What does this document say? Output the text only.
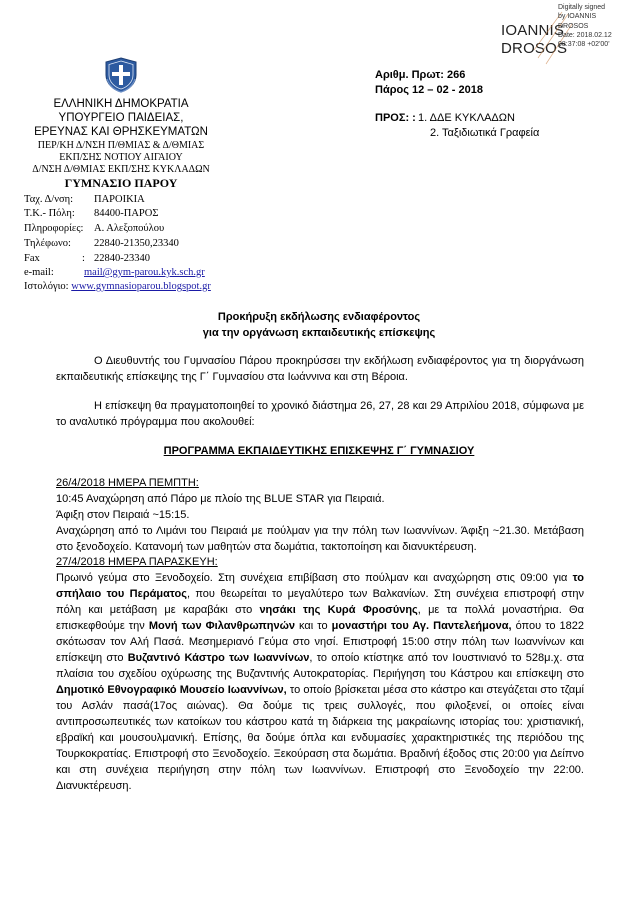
IOANNIS
DROSOS
Digitally signed
by IOANNIS
DROSOS
Date: 2018.02.12
08:37:08 +02'00'
ΕΛΛΗΝΙΚΗ ΔΗΜΟΚΡΑΤΙΑ
ΥΠΟΥΡΓΕΙΟ ΠΑΙΔΕΙΑΣ,
ΕΡΕΥΝΑΣ ΚΑΙ ΘΡΗΣΚΕΥΜΑΤΩΝ
ΠΕΡ/ΚΗ Δ/ΝΣΗ Π/ΘΜΙΑΣ & Δ/ΘΜΙΑΣ
ΕΚΠ/ΣΗΣ ΝΟΤΙΟΥ ΑΙΓΑΙΟΥ
Δ/ΝΣΗ Δ/ΘΜΙΑΣ ΕΚΠ/ΣΗΣ ΚΥΚΛΑΔΩΝ
ΓΥΜΝΑΣΙΟ ΠΑΡΟΥ
Ταχ. Δ/νση: ΠΑΡΟΙΚΙΑ
Τ.Κ.- Πόλη: 84400-ΠΑΡΟΣ
Πληροφορίες: Α. Αλεξοπούλου
Τηλέφωνο: 22840-21350,23340
Fax	: 22840-23340
e-mail:	mail@gym-parou.kyk.sch.gr
Ιστολόγιο: www.gymnasioparou.blogspot.gr
Αριθμ. Πρωτ: 266
Πάρος 12 – 02 - 2018
ΠΡΟΣ: : 1. ΔΔΕ ΚΥΚΛΑΔΩΝ
2. Ταξιδιωτικά Γραφεία
Προκήρυξη εκδήλωσης ενδιαφέροντος
για την οργάνωση εκπαιδευτικής επίσκεψης
Ο Διευθυντής του Γυμνασίου Πάρου προκηρύσσει την εκδήλωση ενδιαφέροντος για τη διοργάνωση εκπαιδευτικής επίσκεψης της Γ΄ Γυμνασίου στα Ιωάννινα και στη Βέροια.
Η επίσκεψη θα πραγματοποιηθεί το χρονικό διάστημα 26, 27, 28 και 29 Απριλίου 2018, σύμφωνα με το αναλυτικό πρόγραμμα που ακολουθεί:
ΠΡΟΓΡΑΜΜΑ ΕΚΠΑΙΔΕΥΤΙΚΗΣ ΕΠΙΣΚΕΨΗΣ Γ΄ ΓΥΜΝΑΣΙΟΥ
26/4/2018 ΗΜΕΡΑ ΠΕΜΠΤΗ:
10:45 Αναχώρηση από Πάρο με πλοίο της BLUE STAR για Πειραιά.
Άφιξη στον Πειραιά ~15:15.
Αναχώρηση από το Λιμάνι του Πειραιά με πούλμαν για την πόλη των Ιωαννίνων. Άφιξη ~21.30. Μετάβαση στο ξενοδοχείο. Κατανομή των μαθητών στα δωμάτια, τακτοποίηση και διανυκτέρευση.
27/4/2018 ΗΜΕΡΑ ΠΑΡΑΣΚΕΥΗ:
Πρωινό γεύμα στο Ξενοδοχείο. Στη συνέχεια επιβίβαση στο πούλμαν και αναχώρηση στις 09:00 για το σπήλαιο του Περάματος, που θεωρείται το μεγαλύτερο των Βαλκανίων. Στη συνέχεια επιστροφή στην πόλη και μετάβαση με καραβάκι στο νησάκι της Κυρά Φροσύνης, με τα πολλά μοναστήρια. Θα επισκεφθούμε την Μονή των Φιλανθρωπηνών και το μοναστήρι του Αγ. Παντελεήμονα, όπου το 1822 σκότωσαν τον Αλή Πασά. Μεσημεριανό Γεύμα στο νησί. Επιστροφή 15:00 στην πόλη των Ιωαννίνων και επίσκεψη στο Βυζαντινό Κάστρο των Ιωαννίνων, το οποίο κτίστηκε από τον Ιουστινιανό το 528μ.χ. στα πλαίσια του σχεδίου οχύρωσης της Βυζαντινής Αυτοκρατορίας. Περιήγηση του Κάστρου και επίσκεψη στο Δημοτικό Εθνογραφικό Μουσείο Ιωαννίνων, το οποίο βρίσκεται μέσα στο κάστρο και στεγάζεται στο τζαμί του Ασλάν πασά(17ος αιώνας). Θα δούμε τις τρεις συλλογές, που φιλοξενεί, οι οποίες είναι αντιπροσωπευτικές των κατοίκων του κάστρου κατά τη διάρκεια της μακραίωνης ιστορίας του: χριστιανική, εβραϊκή και μουσουλμανική. Επίσης, θα δούμε όπλα και ενδυμασίες χαρακτηριστικές της περιόδου της Τουρκοκρατίας. Επιστροφή στο Ξενοδοχείο. Ξεκούραση στα δωμάτια. Βραδινή έξοδος στις 20:00 για Δείπνο και στη συνέχεια περιήγηση στην πόλη των Ιωαννίνων. Επιστροφή στο Ξενοδοχείο την 22:00. Διανυκτέρευση.
